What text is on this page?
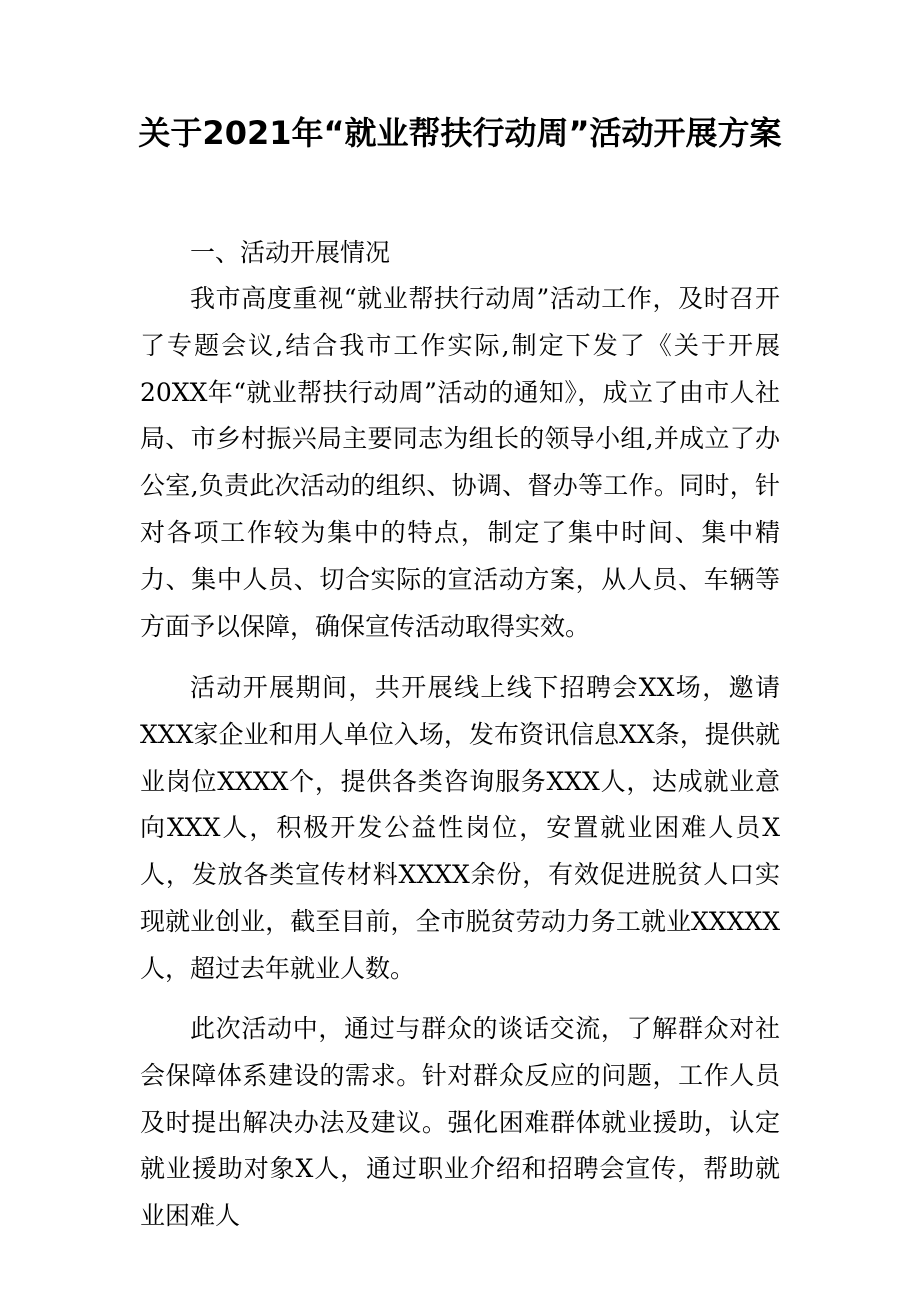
关于2021年“就业帮扶行动周”活动开展方案

一、活动开展情况

我市高度重视“就业帮扶行动周”活动工作，及时召开了专题会议,结合我市工作实际,制定下发了《关于开展20XX年“就业帮扶行动周”活动的通知》，成立了由市人社局、市乡村振兴局主要同志为组长的领导小组,并成立了办公室,负责此次活动的组织、协调、督办等工作。同时，针对各项工作较为集中的特点，制定了集中时间、集中精力、集中人员、切合实际的宣活动方案，从人员、车辆等方面予以保障，确保宣传活动取得实效。

活动开展期间，共开展线上线下招聘会XX场，邀请XXX家企业和用人单位入场，发布资讯信息XX条，提供就业岗位XXXX个，提供各类咨询服务XXX人，达成就业意向XXX人，积极开发公益性岗位，安置就业困难人员X人，发放各类宣传材料XXXX余份，有效促进脱贫人口实现就业创业，截至目前，全市脱贫劳动力务工就业XXXXX人，超过去年就业人数。

此次活动中，通过与群众的谈话交流，了解群众对社会保障体系建设的需求。针对群众反应的问题，工作人员及时提出解决办法及建议。强化困难群体就业援助，认定就业援助对象X人，通过职业介绍和招聘会宣传，帮助就业困难人
